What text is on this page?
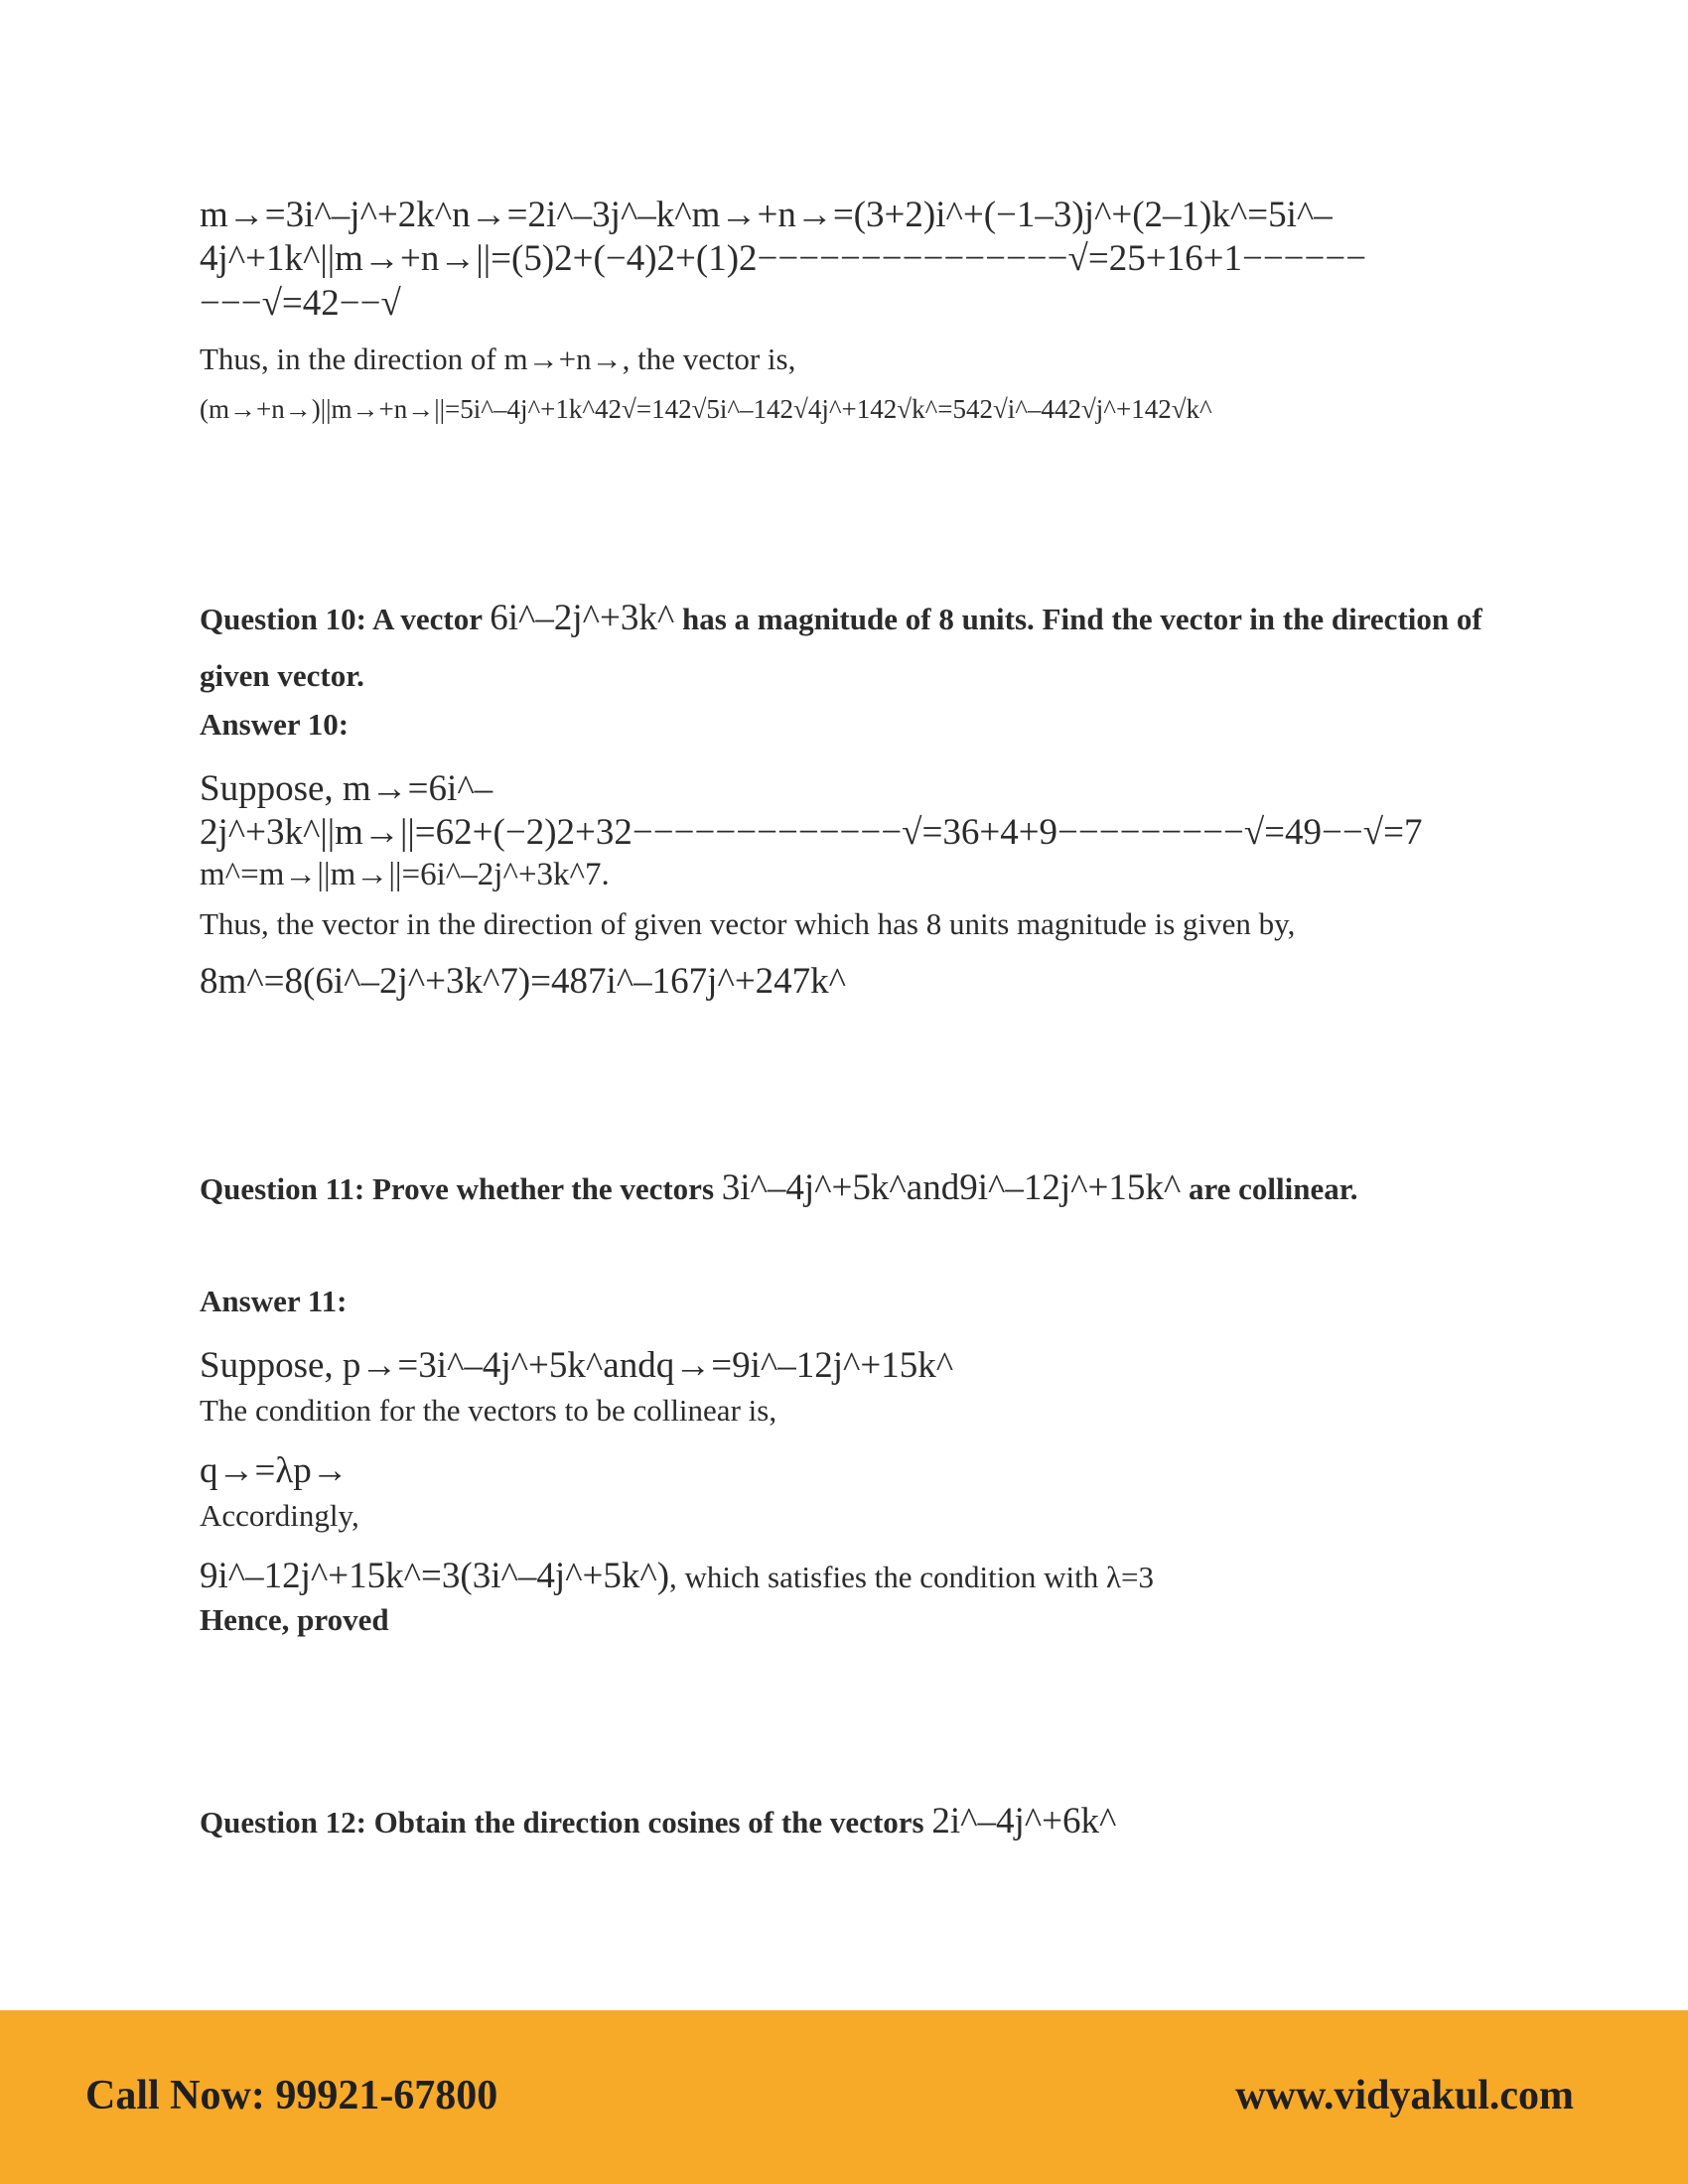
m→=3i^–j^+2k^n→=2i^–3j^–k^m→+n→=(3+2)i^+(−1–3)j^+(2–1)k^=5i^–

4j^+1k^||m→+n→||=(5)2+(−4)2+(1)2−−−−−−−−−−−−−−−√=25+16+1−−−−−−

−−−√=42−−√

Thus, in the direction of m→+n→, the vector is,

(m→+n→)||m→+n→||=5i^–4j^+1k^42√=142√5i^–142√4j^+142√k^=542√i^–442√j^+142√k^

Question 10: A vector 6i^–2j^+3k^ has a magnitude of 8 units. Find the vector in the direction of given vector.

Answer 10:

Suppose, m→=6i^–

2j^+3k^||m→||=62+(−2)2+32−−−−−−−−−−−−−√=36+4+9−−−−−−−−−√=49−−√=7

m^=m→||m→||=6i^–2j^+3k^7.

Thus, the vector in the direction of given vector which has 8 units magnitude is given by,

8m^=8(6i^–2j^+3k^7)=487i^–167j^+247k^

Question 11: Prove whether the vectors 3i^–4j^+5k^and9i^–12j^+15k^ are collinear.

Answer 11:

Suppose, p→=3i^–4j^+5k^andq→=9i^–12j^+15k^

The condition for the vectors to be collinear is,

q→=λp→

Accordingly,

9i^–12j^+15k^=3(3i^–4j^+5k^), which satisfies the condition with λ=3

Hence, proved

Question 12: Obtain the direction cosines of the vectors 2i^–4j^+6k^

Call Now: 99921-67800	www.vidyakul.com
